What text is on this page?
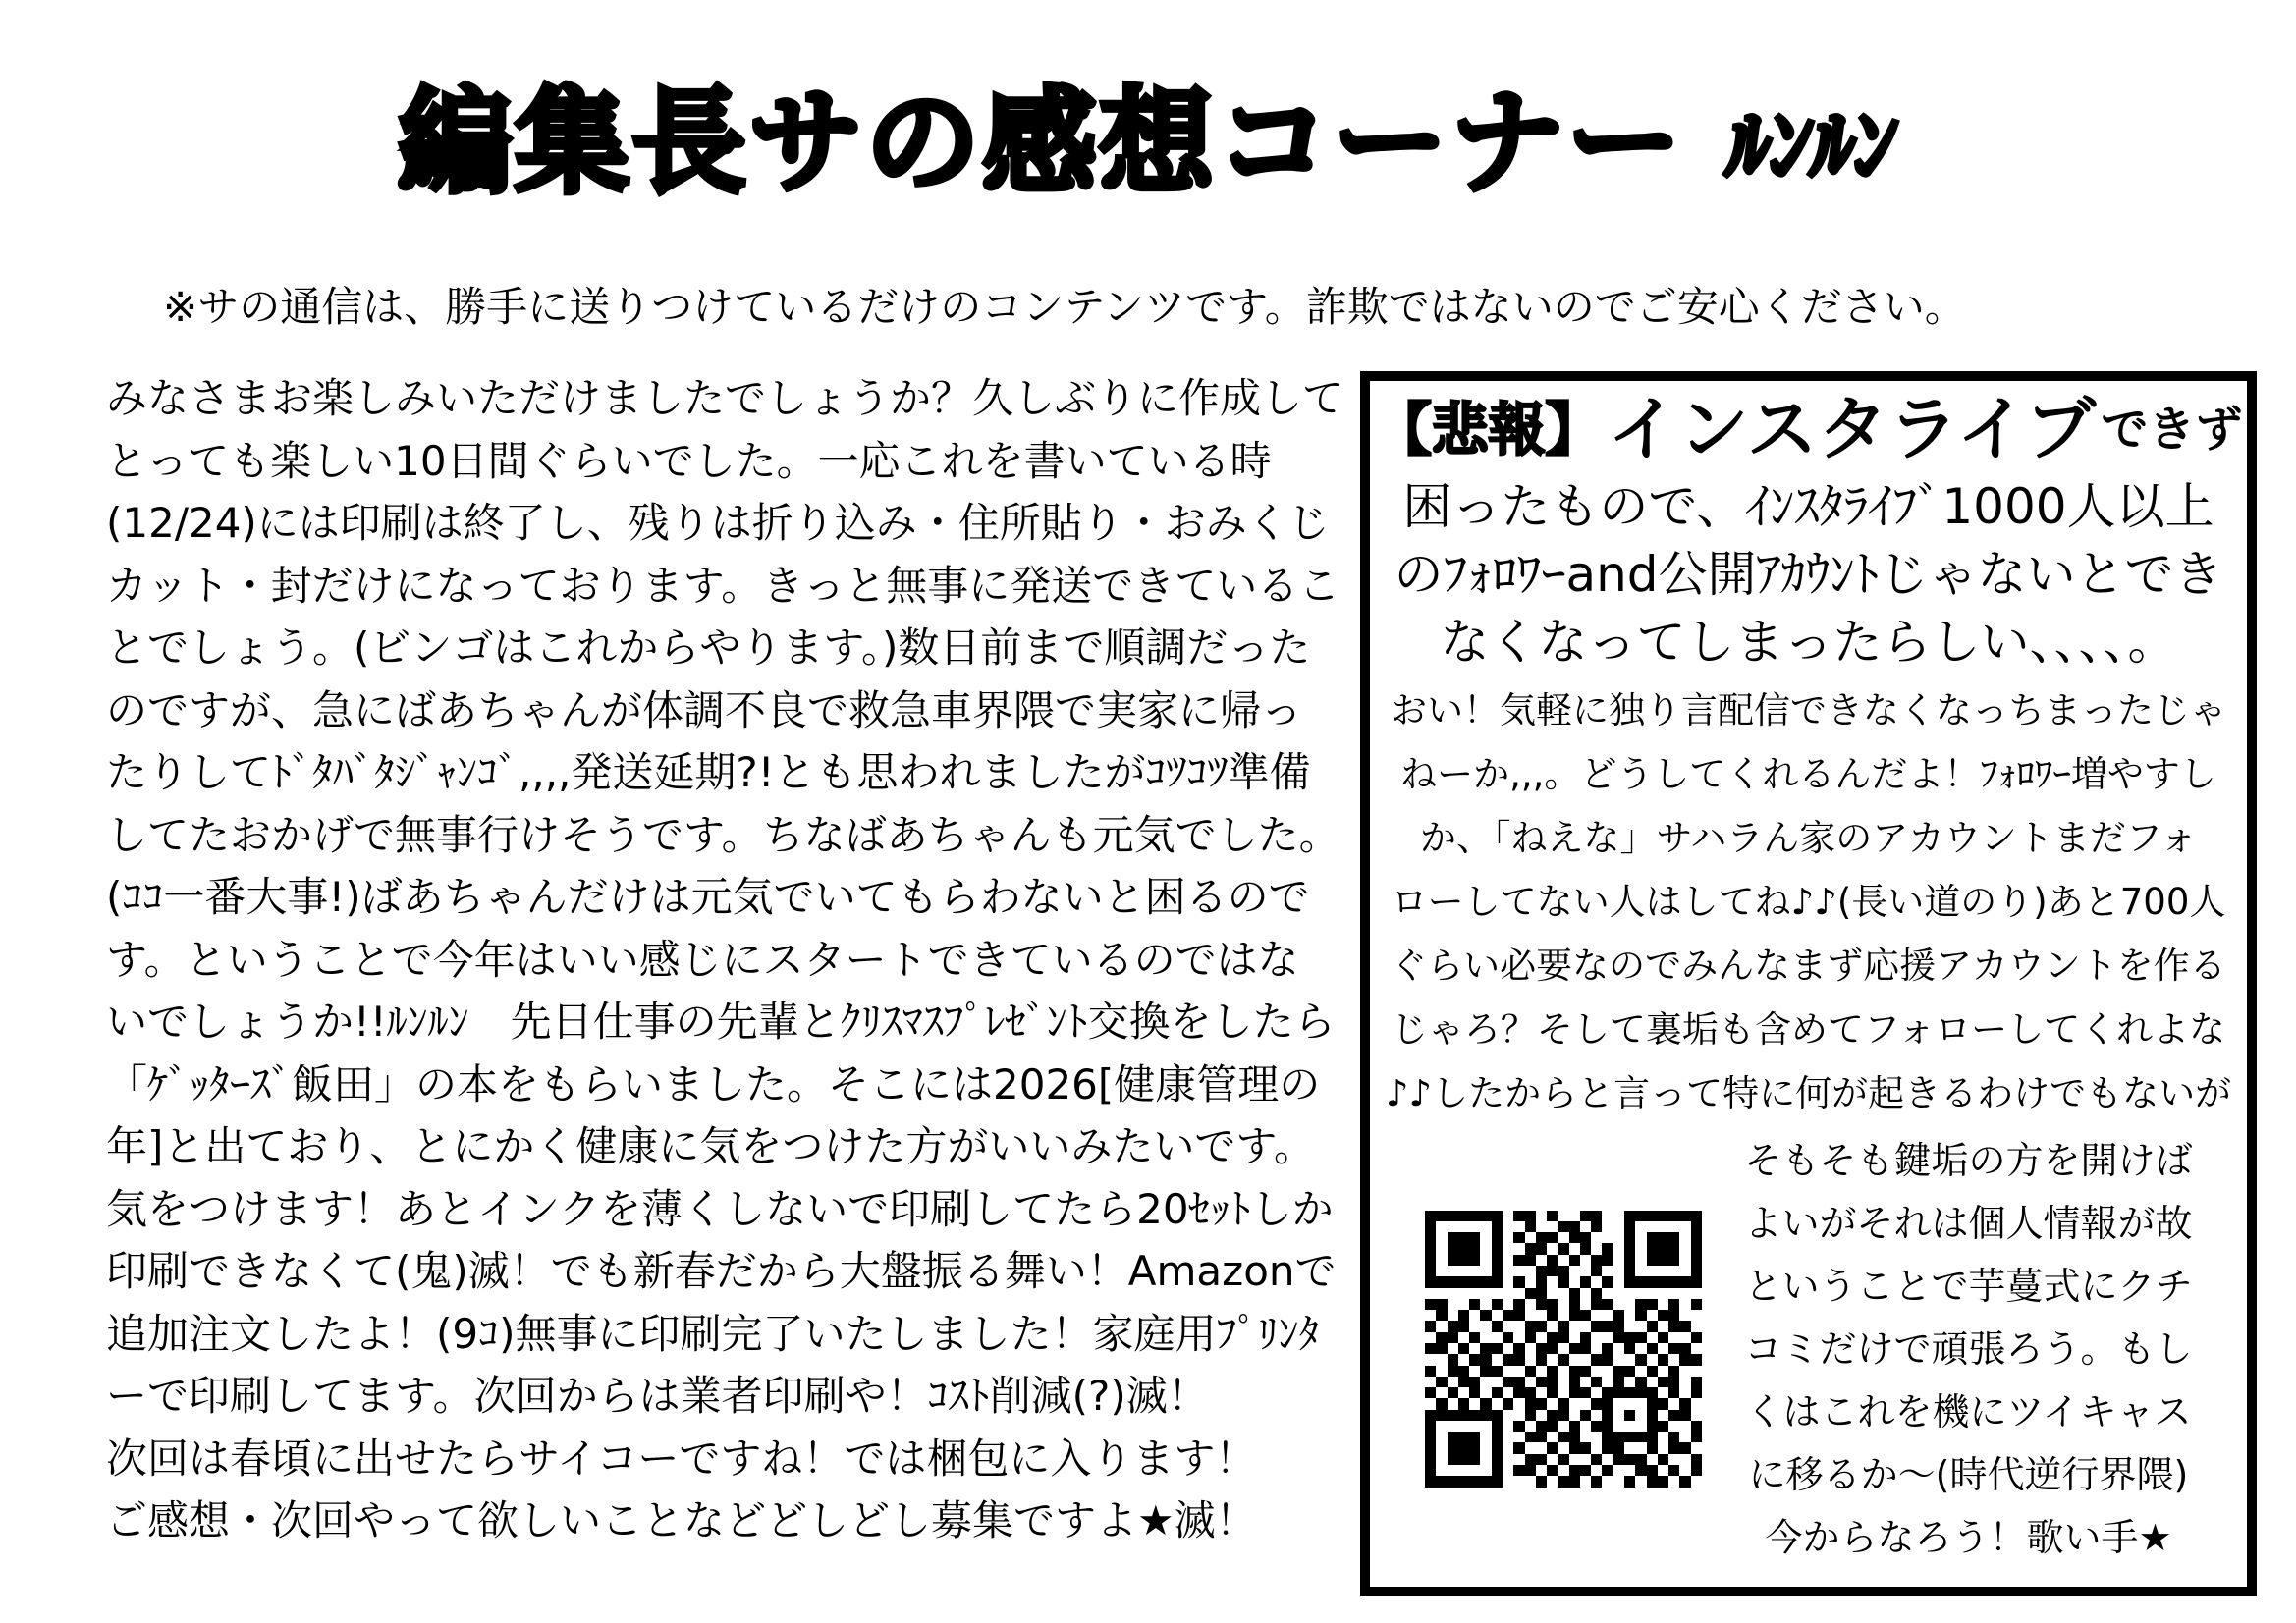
編集長サの感想コーナー ﾙﾝﾙﾝ
※サの通信は、勝手に送りつけているだけのコンテンツです。詐欺ではないのでご安心ください。
みなさまお楽しみいただけましたでしょうか？久しぶりに作成して
とっても楽しい10日間ぐらいでした。一応これを書いている時
(12/24)には印刷は終了し、残りは折り込み・住所貼り・おみくじ
カット・封だけになっております。きっと無事に発送できているこ
とでしょう。(ビンゴはこれからやります。)数日前まで順調だった
のですが、急にばあちゃんが体調不良で救急車界隈で実家に帰っ
たりしてﾄﾞﾀﾊﾞﾀｼﾞｬﾝｺﾞ,,,,発送延期?!とも思われましたがｺﾂｺﾂ準備
してたおかげで無事行けそうです。ちなばあちゃんも元気でした。
(ｺｺ一番大事!)ばあちゃんだけは元気でいてもらわないと困るので
す。ということで今年はいい感じにスタートできているのではな
いでしょうか!!ﾙﾝﾙﾝ　先日仕事の先輩とｸﾘｽﾏｽﾌﾟﾚｾﾞﾝﾄ交換をしたら
「ｹﾞｯﾀｰｽﾞ飯田」の本をもらいました。そこには2026[健康管理の
年]と出ており、とにかく健康に気をつけた方がいいみたいです。
気をつけます！あとインクを薄くしないで印刷してたら20ｾｯﾄしか
印刷できなくて(鬼)滅！でも新春だから大盤振る舞い！Amazonで
追加注文したよ！(9ｺ)無事に印刷完了いたしました！家庭用ﾌﾟﾘﾝﾀ
ーで印刷してます。次回からは業者印刷や！ｺｽﾄ削減(?)滅！
次回は春頃に出せたらサイコーですね！では梱包に入ります！
ご感想・次回やって欲しいことなどどしどし募集ですよ★滅！
【悲報】 インスタライブ できず
困ったもので、ｲﾝｽﾀﾗｲﾌﾞ1000人以上
のﾌｫﾛﾜｰand公開ｱｶｳﾝﾄじゃないとでき
なくなってしまったらしい、、、、。
おい！気軽に独り言配信できなくなっちまったじゃ
ねーか,,,。どうしてくれるんだよ！ﾌｫﾛﾜｰ増やすし
か、「ねえな」サハラん家のアカウントまだフォ
ローしてない人はしてね♪♪(長い道のり)あと700人
ぐらい必要なのでみんなまず応援アカウントを作る
じゃろ？そして裏垢も含めてフォローしてくれよな
♪♪したからと言って特に何が起きるわけでもないが
そもそも鍵垢の方を開けば
よいがそれは個人情報が故
ということで芋蔓式にクチ
コミだけで頑張ろう。もし
くはこれを機にツイキャス
に移るか〜(時代逆行界隈)
今からなろう！歌い手★
